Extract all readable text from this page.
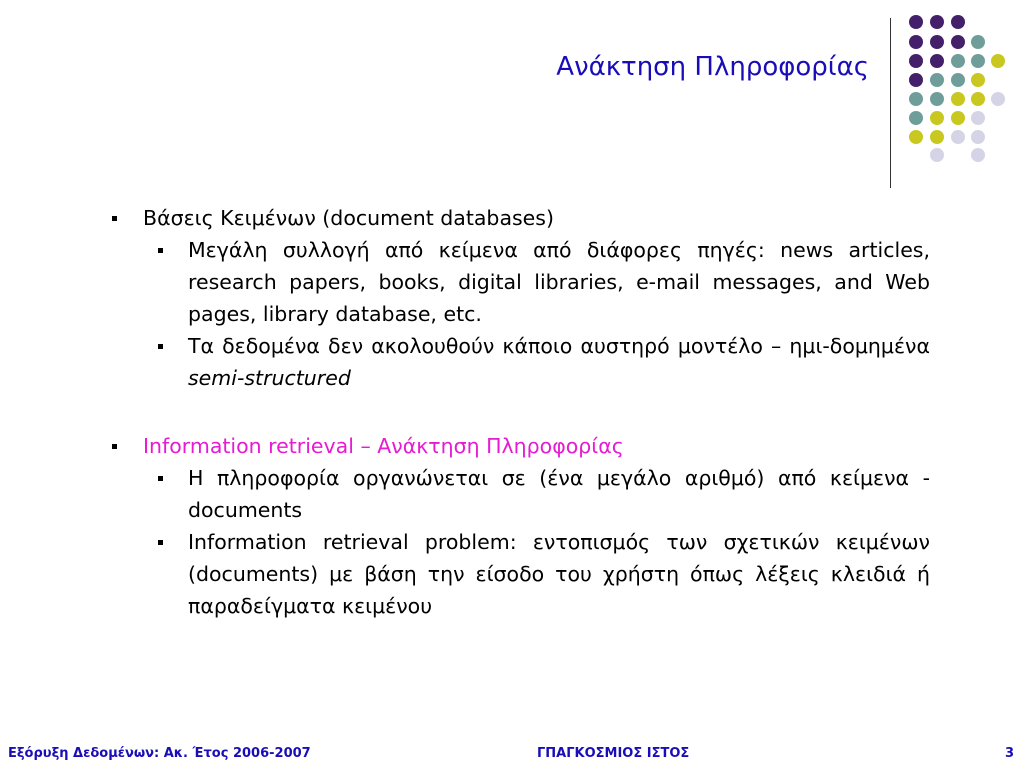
Ανάκτηση Πληροφορίας
Βάσεις Κειμένων (document databases)
Μεγάλη συλλογή από κείμενα από διάφορες πηγές: news articles, research papers, books, digital libraries, e-mail messages, and Web pages, library database, etc.
Τα δεδομένα δεν ακολουθούν κάποιο αυστηρό μοντέλο – ημι-δομημένα semi-structured
Information retrieval – Ανάκτηση Πληροφορίας
Η πληροφορία οργανώνεται σε (ένα μεγάλο αριθμό) από κείμενα - documents
Information retrieval problem: εντοπισμός των σχετικών κειμένων (documents) με βάση την είσοδο του χρήστη όπως λέξεις κλειδιά ή παραδείγματα κειμένου
Εξόρυξη Δεδομένων: Ακ. Έτος 2006-2007	ΓΠΑΓΚΟΣΜΙΟΣ ΙΣΤΟΣ	3
